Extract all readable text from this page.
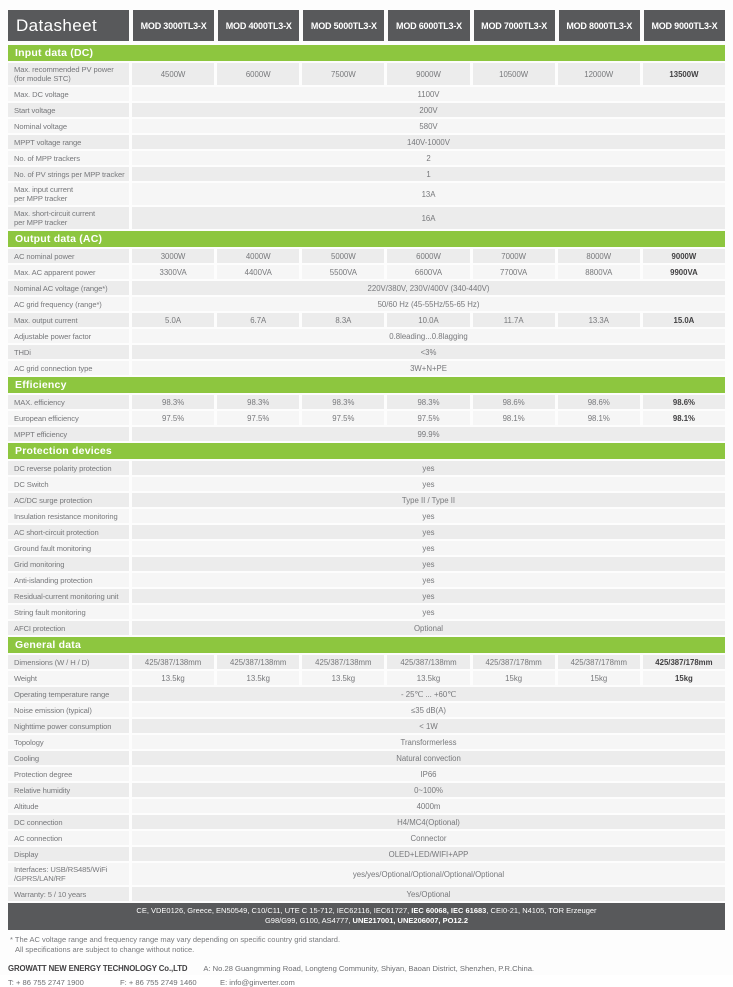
Datasheet	MOD 3000TL3-X	MOD 4000TL3-X	MOD 5000TL3-X	MOD 6000TL3-X	MOD 7000TL3-X	MOD 8000TL3-X	MOD 9000TL3-X
Input data (DC)
Max. recommended PV power
(for module STC)	4500W	6000W	7500W	9000W	10500W	12000W	13500W
Max. DC voltage	1100V
Start voltage	200V
Nominal voltage	580V
MPPT voltage range	140V-1000V
No. of MPP trackers	2
No. of PV strings per MPP tracker	1
Max. input current
per MPP tracker	13A
Max. short-circuit current
per MPP tracker	16A
Output data (AC)
AC nominal power	3000W	4000W	5000W	6000W	7000W	8000W	9000W
Max. AC apparent power	3300VA	4400VA	5500VA	6600VA	7700VA	8800VA	9900VA
Nominal AC voltage (range*)	220V/380V, 230V/400V (340-440V)
AC grid frequency (range*)	50/60 Hz (45-55Hz/55-65 Hz)
Max. output current	5.0A	6.7A	8.3A	10.0A	11.7A	13.3A	15.0A
Adjustable power factor	0.8leading...0.8lagging
THDi	<3%
AC grid connection type	3W+N+PE
Efficiency
MAX. efficiency	98.3%	98.3%	98.3%	98.3%	98.6%	98.6%	98.6%
European efficiency	97.5%	97.5%	97.5%	97.5%	98.1%	98.1%	98.1%
MPPT efficiency	99.9%
Protection devices
DC reverse polarity protection	yes
DC Switch	yes
AC/DC surge protection	Type II / Type II
Insulation resistance monitoring	yes
AC short-circuit protection	yes
Ground fault monitoring	yes
Grid monitoring	yes
Anti-islanding protection	yes
Residual-current monitoring unit	yes
String fault monitoring	yes
AFCI protection	Optional
General data
Dimensions (W / H / D)	425/387/138mm	425/387/138mm	425/387/138mm	425/387/138mm	425/387/178mm	425/387/178mm	425/387/178mm
Weight	13.5kg	13.5kg	13.5kg	13.5kg	15kg	15kg	15kg
Operating temperature range	- 25℃ ... +60℃
Noise emission (typical)	≤35 dB(A)
Nighttime power consumption	< 1W
Topology	Transformerless
Cooling	Natural convection
Protection degree	IP66
Relative humidity	0~100%
Altitude	4000m
DC connection	H4/MC4(Optional)
AC connection	Connector
Display	OLED+LED/WIFI+APP
Interfaces: USB/RS485/WiFi
/GPRS/LAN/RF	yes/yes/Optional/Optional/Optional/Optional
Warranty: 5 / 10 years	Yes/Optional
CE, VDE0126, Greece, EN50549, C10/C11, UTE C 15-712, IEC62116, IEC61727, IEC 60068, IEC 61683, CEI0-21, N4105, TOR Erzeuger
G98/G99, G100, AS4777, UNE217001, UNE206007, PO12.2
* The AC voltage range and frequency range may vary depending on specific country grid standard.
All specifications are subject to change without notice.
GROWATT NEW ENERGY TECHNOLOGY Co.,LTD A: No.28 Guangmming Road, Longteng Community, Shiyan, Baoan District, Shenzhen, P.R.China.
T: + 86 755 2747 1900	F: + 86 755 2749 1460	E: info@ginverter.com
